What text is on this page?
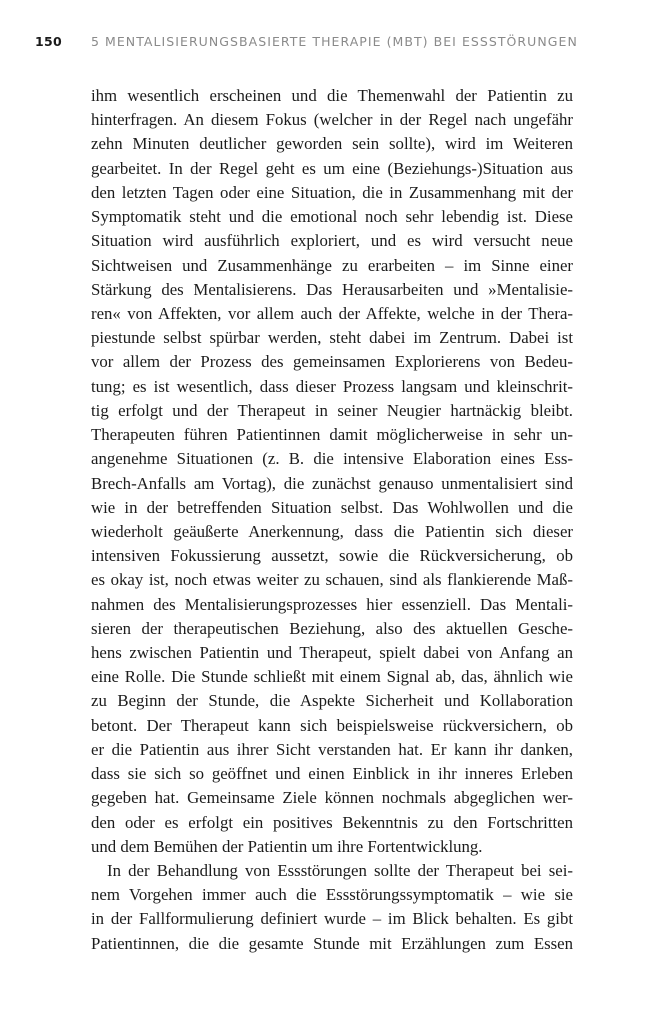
150 5 MENTALISIERUNGSBASIERTE THERAPIE (MBT) BEI ESSSTÖRUNGEN
ihm wesentlich erscheinen und die Themenwahl der Patientin zu
hinterfragen. An diesem Fokus (welcher in der Regel nach ungefähr
zehn Minuten deutlicher geworden sein sollte), wird im Weiteren
gearbeitet. In der Regel geht es um eine (Beziehungs-)Situation aus
den letzten Tagen oder eine Situation, die in Zusammenhang mit der
Symptomatik steht und die emotional noch sehr lebendig ist. Diese
Situation wird ausführlich exploriert, und es wird versucht neue
Sichtweisen und Zusammenhänge zu erarbeiten – im Sinne einer
Stärkung des Mentalisierens. Das Herausarbeiten und »Mentalisie-
ren« von Affekten, vor allem auch der Affekte, welche in der Thera-
piestunde selbst spürbar werden, steht dabei im Zentrum. Dabei ist
vor allem der Prozess des gemeinsamen Explorierens von Bedeu-
tung; es ist wesentlich, dass dieser Prozess langsam und kleinschrit-
tig erfolgt und der Therapeut in seiner Neugier hartnäckig bleibt.
Therapeuten führen Patientinnen damit möglicherweise in sehr un-
angenehme Situationen (z. B. die intensive Elaboration eines Ess-
Brech-Anfalls am Vortag), die zunächst genauso unmentalisiert sind
wie in der betreffenden Situation selbst. Das Wohlwollen und die
wiederholt geäußerte Anerkennung, dass die Patientin sich dieser
intensiven Fokussierung aussetzt, sowie die Rückversicherung, ob
es okay ist, noch etwas weiter zu schauen, sind als flankierende Maß-
nahmen des Mentalisierungsprozesses hier essenziell. Das Mentali-
sieren der therapeutischen Beziehung, also des aktuellen Gesche-
hens zwischen Patientin und Therapeut, spielt dabei von Anfang an
eine Rolle. Die Stunde schließt mit einem Signal ab, das, ähnlich wie
zu Beginn der Stunde, die Aspekte Sicherheit und Kollaboration
betont. Der Therapeut kann sich beispielsweise rückversichern, ob
er die Patientin aus ihrer Sicht verstanden hat. Er kann ihr danken,
dass sie sich so geöffnet und einen Einblick in ihr inneres Erleben
gegeben hat. Gemeinsame Ziele können nochmals abgeglichen wer-
den oder es erfolgt ein positives Bekenntnis zu den Fortschritten
und dem Bemühen der Patientin um ihre Fortentwicklung.
In der Behandlung von Essstörungen sollte der Therapeut bei sei-
nem Vorgehen immer auch die Essstörungssymptomatik – wie sie
in der Fallformulierung definiert wurde – im Blick behalten. Es gibt
Patientinnen, die die gesamte Stunde mit Erzählungen zum Essen
